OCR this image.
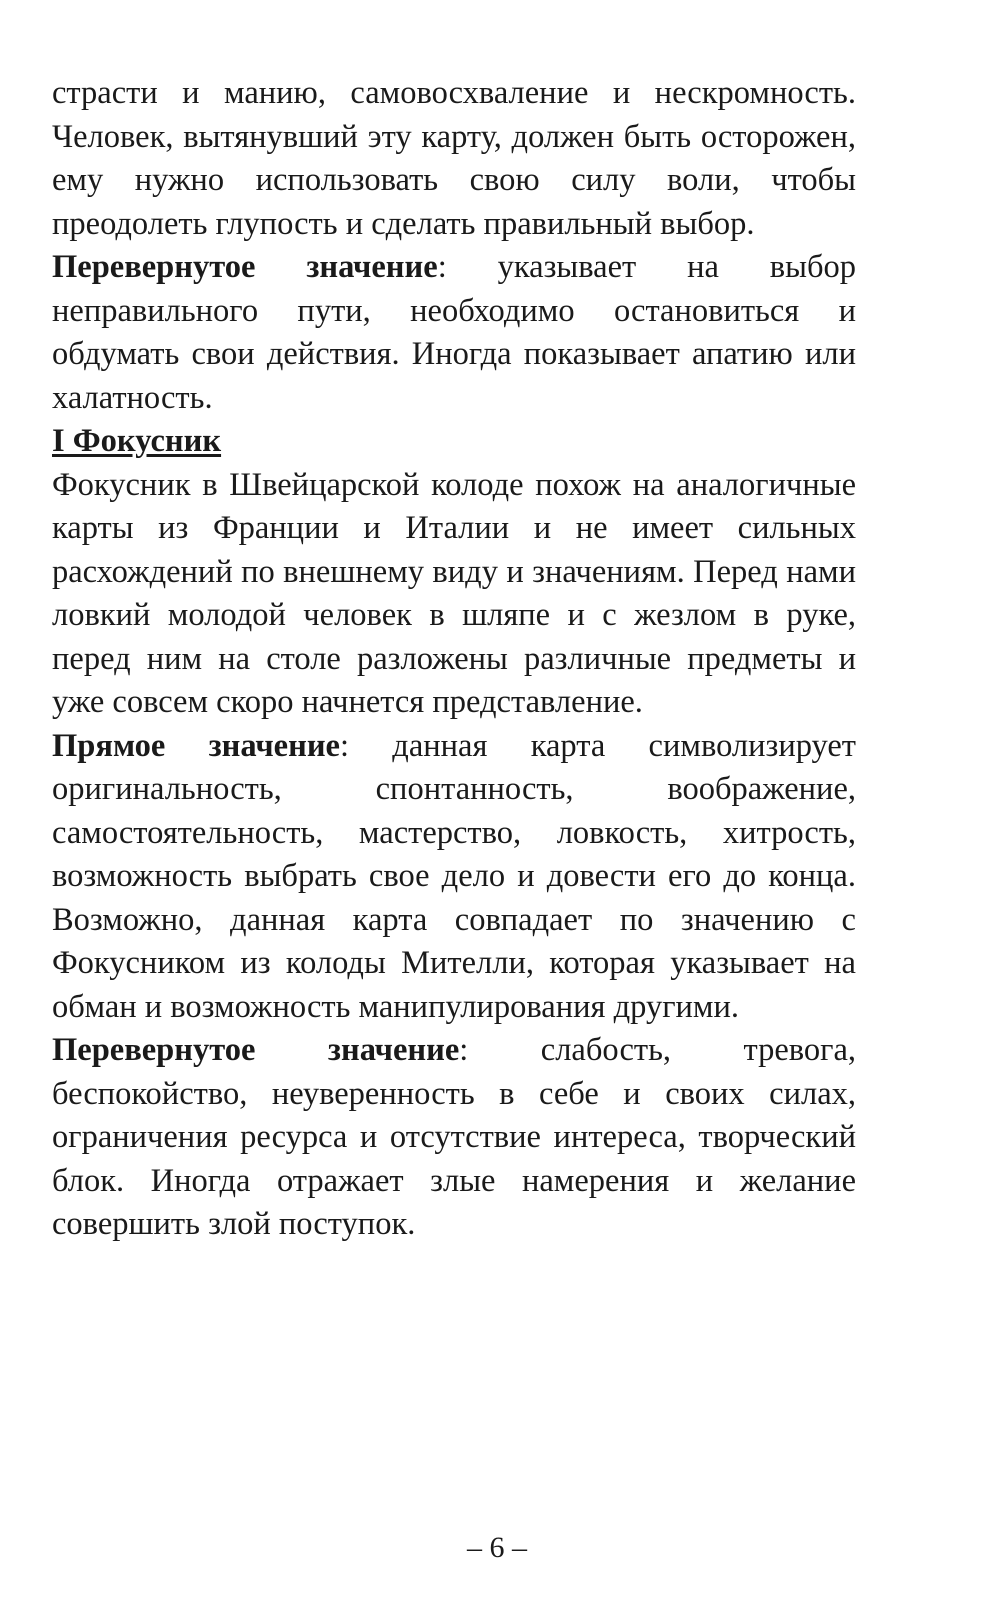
страсти и манию, самовосхваление и нескромность. Человек, вытянувший эту карту, должен быть осторожен, ему нужно использовать свою силу воли, чтобы преодолеть глупость и сделать правильный выбор.

Перевернутое значение: указывает на выбор неправильного пути, необходимо остановиться и обдумать свои действия. Иногда показывает апатию или халатность.

I Фокусник

Фокусник в Швейцарской колоде похож на аналогичные карты из Франции и Италии и не имеет сильных расхождений по внешнему виду и значениям. Перед нами ловкий молодой человек в шляпе и с жезлом в руке, перед ним на столе разложены различные предметы и уже совсем скоро начнется представление.

Прямое значение: данная карта символизирует оригинальность, спонтанность, воображение, самостоятельность, мастерство, ловкость, хитрость, возможность выбрать свое дело и довести его до конца. Возможно, данная карта совпадает по значению с Фокусником из колоды Мителли, которая указывает на обман и возможность манипулирования другими.

Перевернутое значение: слабость, тревога, беспокойство, неуверенность в себе и своих силах, ограничения ресурса и отсутствие интереса, творческий блок. Иногда отражает злые намерения и желание совершить злой поступок.

– 6 –
